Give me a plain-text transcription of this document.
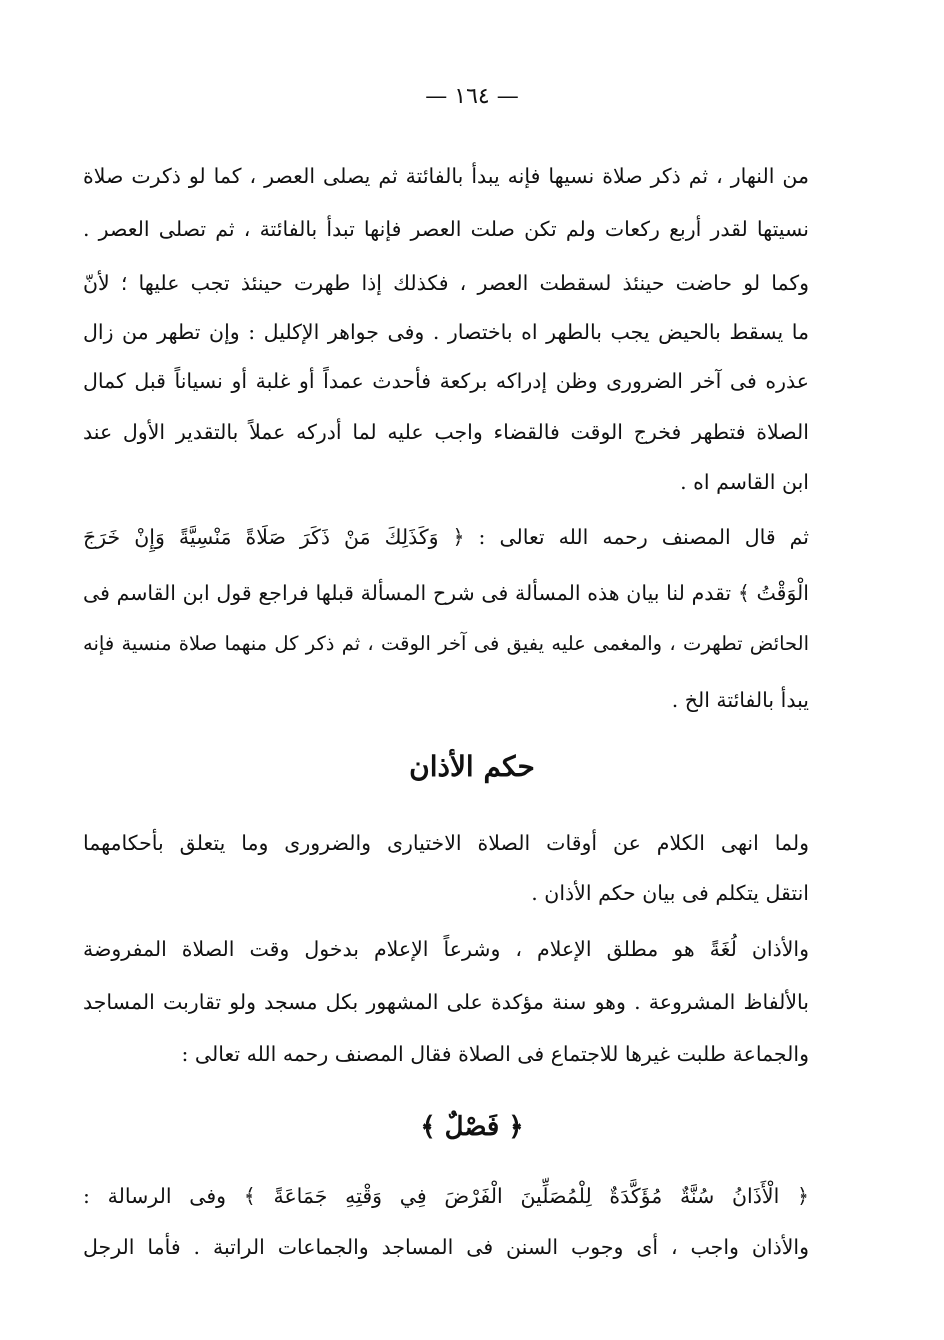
— ١٦٤ —
من النهار ، ثم ذكر صلاة نسيها فإنه يبدأ بالفائتة ثم يصلى العصر ، كما لو ذكرت صلاة
نسيتها لقدر أربع ركعات ولم تكن صلت العصر فإنها تبدأ بالفائتة ، ثم تصلى العصر .
وكما لو حاضت حينئذ لسقطت العصر ، فكذلك إذا طهرت حينئذ تجب عليها ؛ لأنّ
ما يسقط بالحيض يجب بالطهر اه باختصار . وفى جواهر الإكليل : وإن تطهر من زال
عذره فى آخر الضرورى وظن إدراكه بركعة فأحدث عمداً أو غلبة أو نسياناً قبل كمال
الصلاة فتطهر فخرج الوقت فالقضاء واجب عليه لما أدركه عملاً بالتقدير الأول عند
ابن القاسم اه .
ثم قال المصنف رحمه الله تعالى : ﴿ وَكَذَلِكَ مَنْ ذَكَرَ صَلَاةً مَنْسِيَّةً وَإِنْ خَرَجَ
الْوَقْتُ ﴾ تقدم لنا بيان هذه المسألة فى شرح المسألة قبلها فراجع قول ابن القاسم فى
الحائض تطهرت ، والمغمى عليه يفيق فى آخر الوقت ، ثم ذكر كل منهما صلاة منسية فإنه
يبدأ بالفائتة الخ .
حكم الأذان
ولما انهى الكلام عن أوقات الصلاة الاختيارى والضرورى وما يتعلق بأحكامهما
انتقل يتكلم فى بيان حكم الأذان .
والأذان لُغَةً هو مطلق الإعلام ، وشرعاً الإعلام بدخول وقت الصلاة المفروضة
بالألفاظ المشروعة . وهو سنة مؤكدة على المشهور بكل مسجد ولو تقاربت المساجد
والجماعة طلبت غيرها للاجتماع فى الصلاة فقال المصنف رحمه الله تعالى :
﴿ فَصْلٌ ﴾
﴿ الْأَذَانُ سُنَّةٌ مُؤَكَّدَةٌ لِلْمُصَلِّينَ الْفَرْضَ فِي وَقْتِهِ جَمَاعَةً ﴾ وفى الرسالة :
والأذان واجب ، أى وجوب السنن فى المساجد والجماعات الراتبة . فأما الرجل
